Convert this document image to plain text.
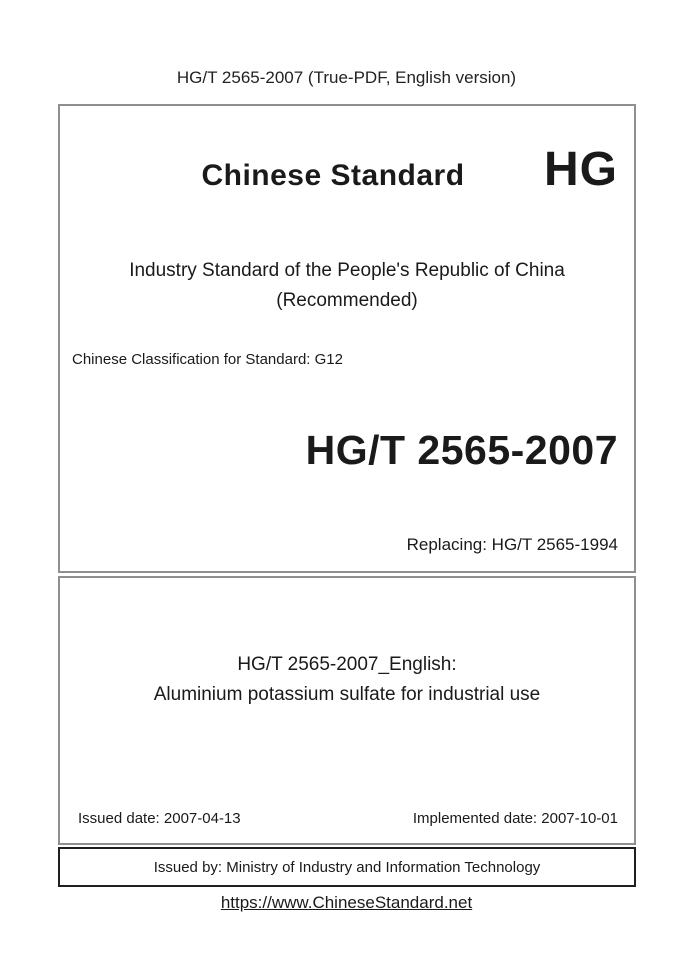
HG/T 2565-2007 (True-PDF, English version)
Chinese Standard	HG
Industry Standard of the People's Republic of China
(Recommended)
Chinese Classification for Standard: G12
HG/T 2565-2007
Replacing: HG/T 2565-1994
HG/T 2565-2007_English:
Aluminium potassium sulfate for industrial use
Issued date: 2007-04-13	Implemented date: 2007-10-01
Issued by: Ministry of Industry and Information Technology
https://www.ChineseStandard.net
